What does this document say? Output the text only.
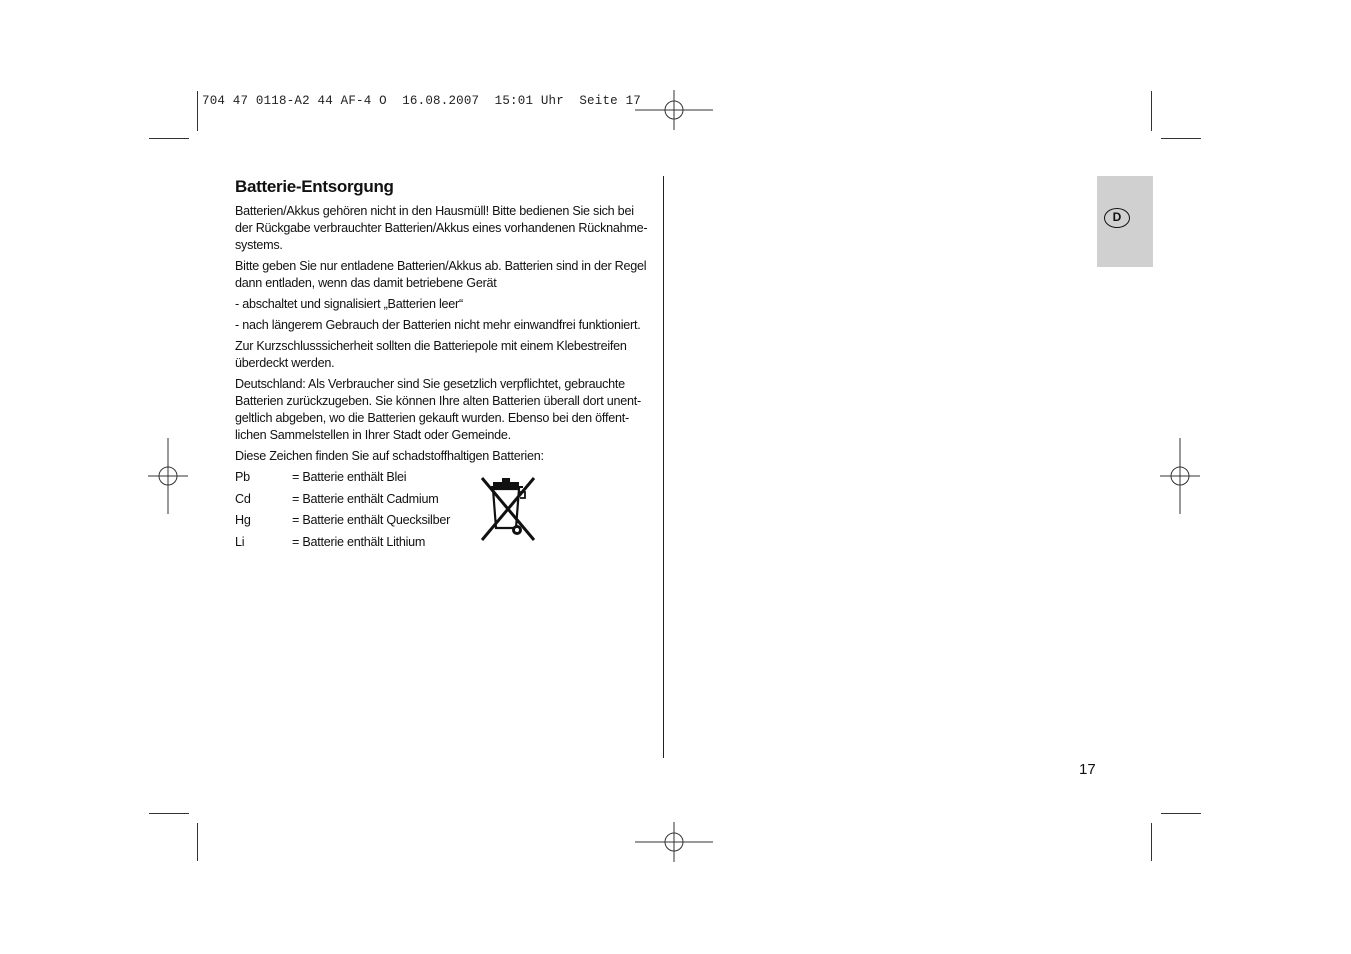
704 47 0118-A2 44 AF-4 O  16.08.2007  15:01 Uhr  Seite 17
D
Batterie-Entsorgung

Batterien/Akkus gehören nicht in den Hausmüll! Bitte bedienen Sie sich bei
der Rückgabe verbrauchter Batterien/Akkus eines vorhandenen Rücknahme-
systems.

Bitte geben Sie nur entladene Batterien/Akkus ab. Batterien sind in der Regel
dann entladen, wenn das damit betriebene Gerät

- abschaltet und signalisiert „Batterien leer“

- nach längerem Gebrauch der Batterien nicht mehr einwandfrei funktioniert.

Zur Kurzschlusssicherheit sollten die Batteriepole mit einem Klebestreifen
überdeckt werden.

Deutschland: Als Verbraucher sind Sie gesetzlich verpflichtet, gebrauchte
Batterien zurückzugeben. Sie können Ihre alten Batterien überall dort unent-
geltlich abgeben, wo die Batterien gekauft wurden. Ebenso bei den öffent-
lichen Sammelstellen in Ihrer Stadt oder Gemeinde.

Diese Zeichen finden Sie auf schadstoffhaltigen Batterien:

Pb	= Batterie enthält Blei
Cd	= Batterie enthält Cadmium
Hg	= Batterie enthält Quecksilber
Li	= Batterie enthält Lithium
17
